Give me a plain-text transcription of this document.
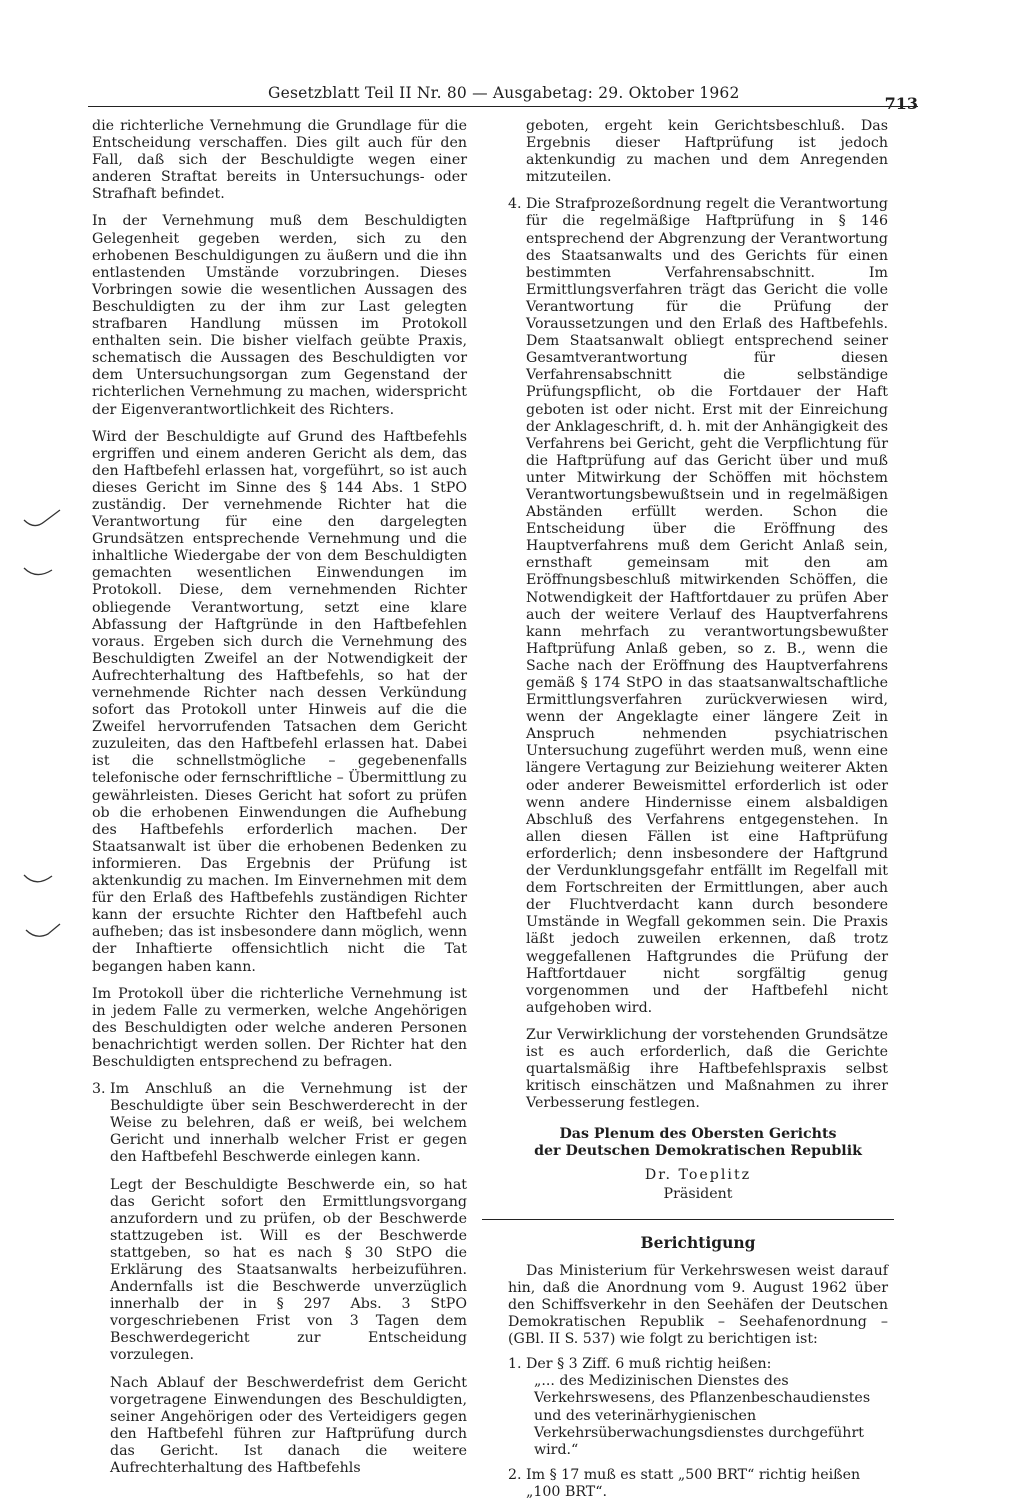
Gesetzblatt Teil II Nr. 80 — Ausgabetag: 29. Oktober 1962
713

die richterliche Vernehmung die Grundlage für die Entscheidung verschaffen. Dies gilt auch für den Fall, daß sich der Beschuldigte wegen einer anderen Straftat bereits in Untersuchungs- oder Strafhaft befindet.

In der Vernehmung muß dem Beschuldigten Gelegenheit gegeben werden, sich zu den erhobenen Beschuldigungen zu äußern und die ihn entlastenden Umstände vorzubringen. Dieses Vorbringen sowie die wesentlichen Aussagen des Beschuldigten zu der ihm zur Last gelegten strafbaren Handlung müssen im Protokoll enthalten sein. Die bisher vielfach geübte Praxis, schematisch die Aussagen des Beschuldigten vor dem Untersuchungsorgan zum Gegenstand der richterlichen Vernehmung zu machen, widerspricht der Eigenverantwortlichkeit des Richters.

Wird der Beschuldigte auf Grund des Haftbefehls ergriffen und einem anderen Gericht als dem, das den Haftbefehl erlassen hat, vorgeführt, so ist auch dieses Gericht im Sinne des § 144 Abs. 1 StPO zuständig. Der vernehmende Richter hat die Verantwortung für eine den dargelegten Grundsätzen entsprechende Vernehmung und die inhaltliche Wiedergabe der von dem Beschuldigten gemachten wesentlichen Einwendungen im Protokoll. Diese, dem vernehmenden Richter obliegende Verantwortung, setzt eine klare Abfassung der Haftgründe in den Haftbefehlen voraus. Ergeben sich durch die Vernehmung des Beschuldigten Zweifel an der Notwendigkeit der Aufrechterhaltung des Haftbefehls, so hat der vernehmende Richter nach dessen Verkündung sofort das Protokoll unter Hinweis auf die die Zweifel hervorrufenden Tatsachen dem Gericht zuzuleiten, das den Haftbefehl erlassen hat. Dabei ist die schnellstmögliche – gegebenenfalls telefonische oder fernschriftliche – Übermittlung zu gewährleisten. Dieses Gericht hat sofort zu prüfen ob die erhobenen Einwendungen die Aufhebung des Haftbefehls erforderlich machen. Der Staatsanwalt ist über die erhobenen Bedenken zu informieren. Das Ergebnis der Prüfung ist aktenkundig zu machen. Im Einvernehmen mit dem für den Erlaß des Haftbefehls zuständigen Richter kann der ersuchte Richter den Haftbefehl auch aufheben; das ist insbesondere dann möglich, wenn der Inhaftierte offensichtlich nicht die Tat begangen haben kann.

Im Protokoll über die richterliche Vernehmung ist in jedem Falle zu vermerken, welche Angehörigen des Beschuldigten oder welche anderen Personen benachrichtigt werden sollen. Der Richter hat den Beschuldigten entsprechend zu befragen.

3. Im Anschluß an die Vernehmung ist der Beschuldigte über sein Beschwerderecht in der Weise zu belehren, daß er weiß, bei welchem Gericht und innerhalb welcher Frist er gegen den Haftbefehl Beschwerde einlegen kann.

Legt der Beschuldigte Beschwerde ein, so hat das Gericht sofort den Ermittlungsvorgang anzufordern und zu prüfen, ob der Beschwerde stattzugeben ist. Will es der Beschwerde stattgeben, so hat es nach § 30 StPO die Erklärung des Staatsanwalts herbeizuführen. Andernfalls ist die Beschwerde unverzüglich innerhalb der in § 297 Abs. 3 StPO vorgeschriebenen Frist von 3 Tagen dem Beschwerdegericht zur Entscheidung vorzulegen.

Nach Ablauf der Beschwerdefrist dem Gericht vorgetragene Einwendungen des Beschuldigten, seiner Angehörigen oder des Verteidigers gegen den Haftbefehl führen zur Haftprüfung durch das Gericht. Ist danach die weitere Aufrechterhaltung des Haftbefehls

geboten, ergeht kein Gerichtsbeschluß. Das Ergebnis dieser Haftprüfung ist jedoch aktenkundig zu machen und dem Anregenden mitzuteilen.

4. Die Strafprozeßordnung regelt die Verantwortung für die regelmäßige Haftprüfung in § 146 entsprechend der Abgrenzung der Verantwortung des Staatsanwalts und des Gerichts für einen bestimmten Verfahrensabschnitt. Im Ermittlungsverfahren trägt das Gericht die volle Verantwortung für die Prüfung der Voraussetzungen und den Erlaß des Haftbefehls. Dem Staatsanwalt obliegt entsprechend seiner Gesamtverantwortung für diesen Verfahrensabschnitt die selbständige Prüfungspflicht, ob die Fortdauer der Haft geboten ist oder nicht. Erst mit der Einreichung der Anklageschrift, d. h. mit der Anhängigkeit des Verfahrens bei Gericht, geht die Verpflichtung für die Haftprüfung auf das Gericht über und muß unter Mitwirkung der Schöffen mit höchstem Verantwortungsbewußtsein und in regelmäßigen Abständen erfüllt werden. Schon die Entscheidung über die Eröffnung des Hauptverfahrens muß dem Gericht Anlaß sein, ernsthaft gemeinsam mit den am Eröffnungsbeschluß mitwirkenden Schöffen, die Notwendigkeit der Haftfortdauer zu prüfen Aber auch der weitere Verlauf des Hauptverfahrens kann mehrfach zu verantwortungsbewußter Haftprüfung Anlaß geben, so z. B., wenn die Sache nach der Eröffnung des Hauptverfahrens gemäß § 174 StPO in das staatsanwaltschaftliche Ermittlungsverfahren zurückverwiesen wird, wenn der Angeklagte einer längere Zeit in Anspruch nehmenden psychiatrischen Untersuchung zugeführt werden muß, wenn eine längere Vertagung zur Beiziehung weiterer Akten oder anderer Beweismittel erforderlich ist oder wenn andere Hindernisse einem alsbaldigen Abschluß des Verfahrens entgegenstehen. In allen diesen Fällen ist eine Haftprüfung erforderlich; denn insbesondere der Haftgrund der Verdunklungsgefahr entfällt im Regelfall mit dem Fortschreiten der Ermittlungen, aber auch der Fluchtverdacht kann durch besondere Umstände in Wegfall gekommen sein. Die Praxis läßt jedoch zuweilen erkennen, daß trotz weggefallenen Haftgrundes die Prüfung der Haftfortdauer nicht sorgfältig genug vorgenommen und der Haftbefehl nicht aufgehoben wird.

Zur Verwirklichung der vorstehenden Grundsätze ist es auch erforderlich, daß die Gerichte quartalsmäßig ihre Haftbefehlspraxis selbst kritisch einschätzen und Maßnahmen zu ihrer Verbesserung festlegen.

Das Plenum des Obersten Gerichts
der Deutschen Demokratischen Republik
Dr. Toeplitz
Präsident
Berichtigung

Das Ministerium für Verkehrswesen weist darauf hin, daß die Anordnung vom 9. August 1962 über den Schiffsverkehr in den Seehäfen der Deutschen Demokratischen Republik – Seehafenordnung – (GBl. II S. 537) wie folgt zu berichtigen ist:

1. Der § 3 Ziff. 6 muß richtig heißen:

„... des Medizinischen Dienstes des Verkehrswesens, des Pflanzenbeschaudienstes und des veterinärhygienischen Verkehrsüberwachungsdienstes durchgeführt wird.“

2. Im § 17 muß es statt „500 BRT“ richtig heißen „100 BRT“.
